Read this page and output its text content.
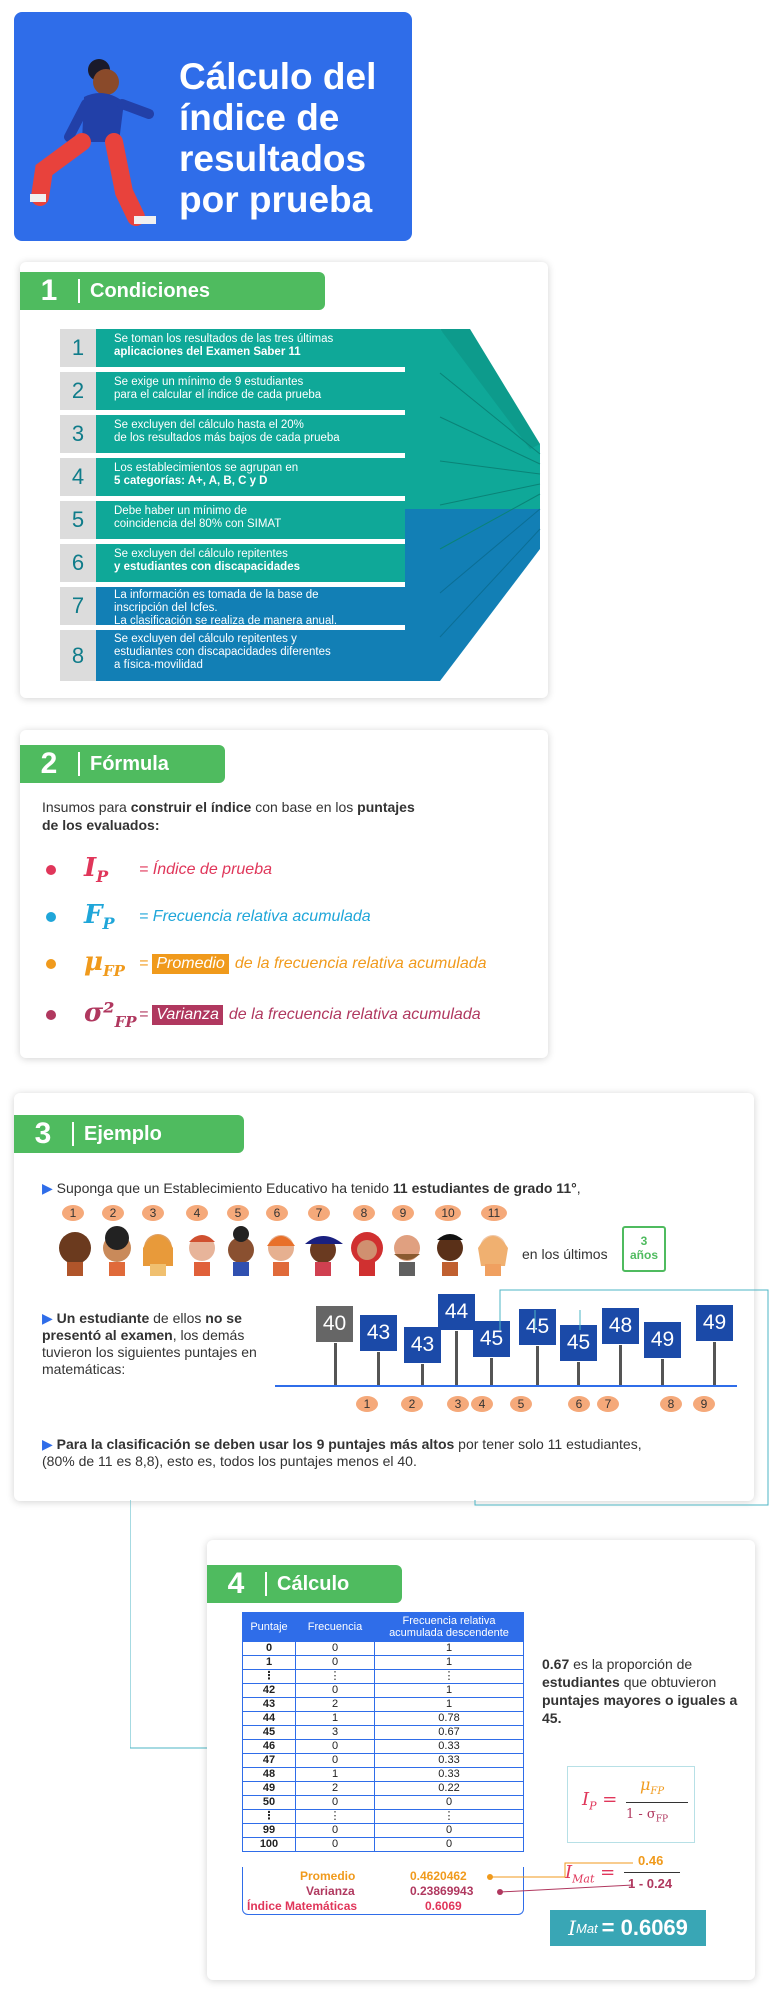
Cálculo del índice de resultados por prueba
1	Condiciones
1	Se toman los resultados de las tres últimas
aplicaciones del Examen Saber 11
2	Se exige un mínimo de 9 estudiantes
para el calcular el índice de cada prueba
3	Se excluyen del cálculo hasta el 20%
de los resultados más bajos de cada prueba
4	Los establecimientos se agrupan en
5 categorías: A+, A, B, C y D
5	Debe haber un mínimo de
coincidencia del 80% con SIMAT
6	Se excluyen del cálculo repitentes
y estudiantes con discapacidades
7	La información es tomada de la base de
inscripción del Icfes.
La clasificación se realiza de manera anual.
8
Se excluyen del cálculo repitentes y
estudiantes con discapacidades diferentes
a física-movilidad
2	Fórmula
Insumos para construir el índice con base en los puntajes
de los evaluados:
$I_P$	= Índice de prueba
$F_P$	= Frecuencia relativa acumulada
$\mu_{FP}$ = Promedio de la frecuencia relativa acumulada
$\sigma^2_{FP}$ = Varianza de la frecuencia relativa acumulada
3	Ejemplo
▶ Suponga que un Establecimiento Educativo ha tenido 11 estudiantes de grado 11°,
1	2	3	4	5	6	7	8	9	10	11
en los últimos
3
años
▶ Un estudiante de ellos no se presentó al examen, los demás tuvieron los siguientes puntajes en matemáticas:
40 43
43
44
45
45
45
48
49
49
1	2	3	4	5	6	7	8	9
▶ Para la clasificación se deben usar los 9 puntajes más altos por tener solo 11 estudiantes, (80% de 11 es 8,8), esto es, todos los puntajes menos el 40.
4	Cálculo
Puntaje	Frecuencia	Frecuencia relativa acumulada descendente
0	0	1
1	0	1
⋮	⋮	⋮
42	0	1
43	2	1
44	1	0.78
45	3	0.67
46	0	0.33
47	0	0.33
48	1	0.33
49	2	0.22
50	0	0
⋮	⋮	⋮
99	0	0
100	0	0
Promedio	0.4620462
Varianza	0.23869943
Índice Matemáticas	0.6069
0.67 es la proporción de estudiantes que obtuvieron puntajes mayores o iguales a 45.
$I_P$ =
$\mu_{FP}$
$1 - \sigma_{FP}$
$I_{Mat}$ =
0.46
1 - 0.24
I Mat = 0.6069
